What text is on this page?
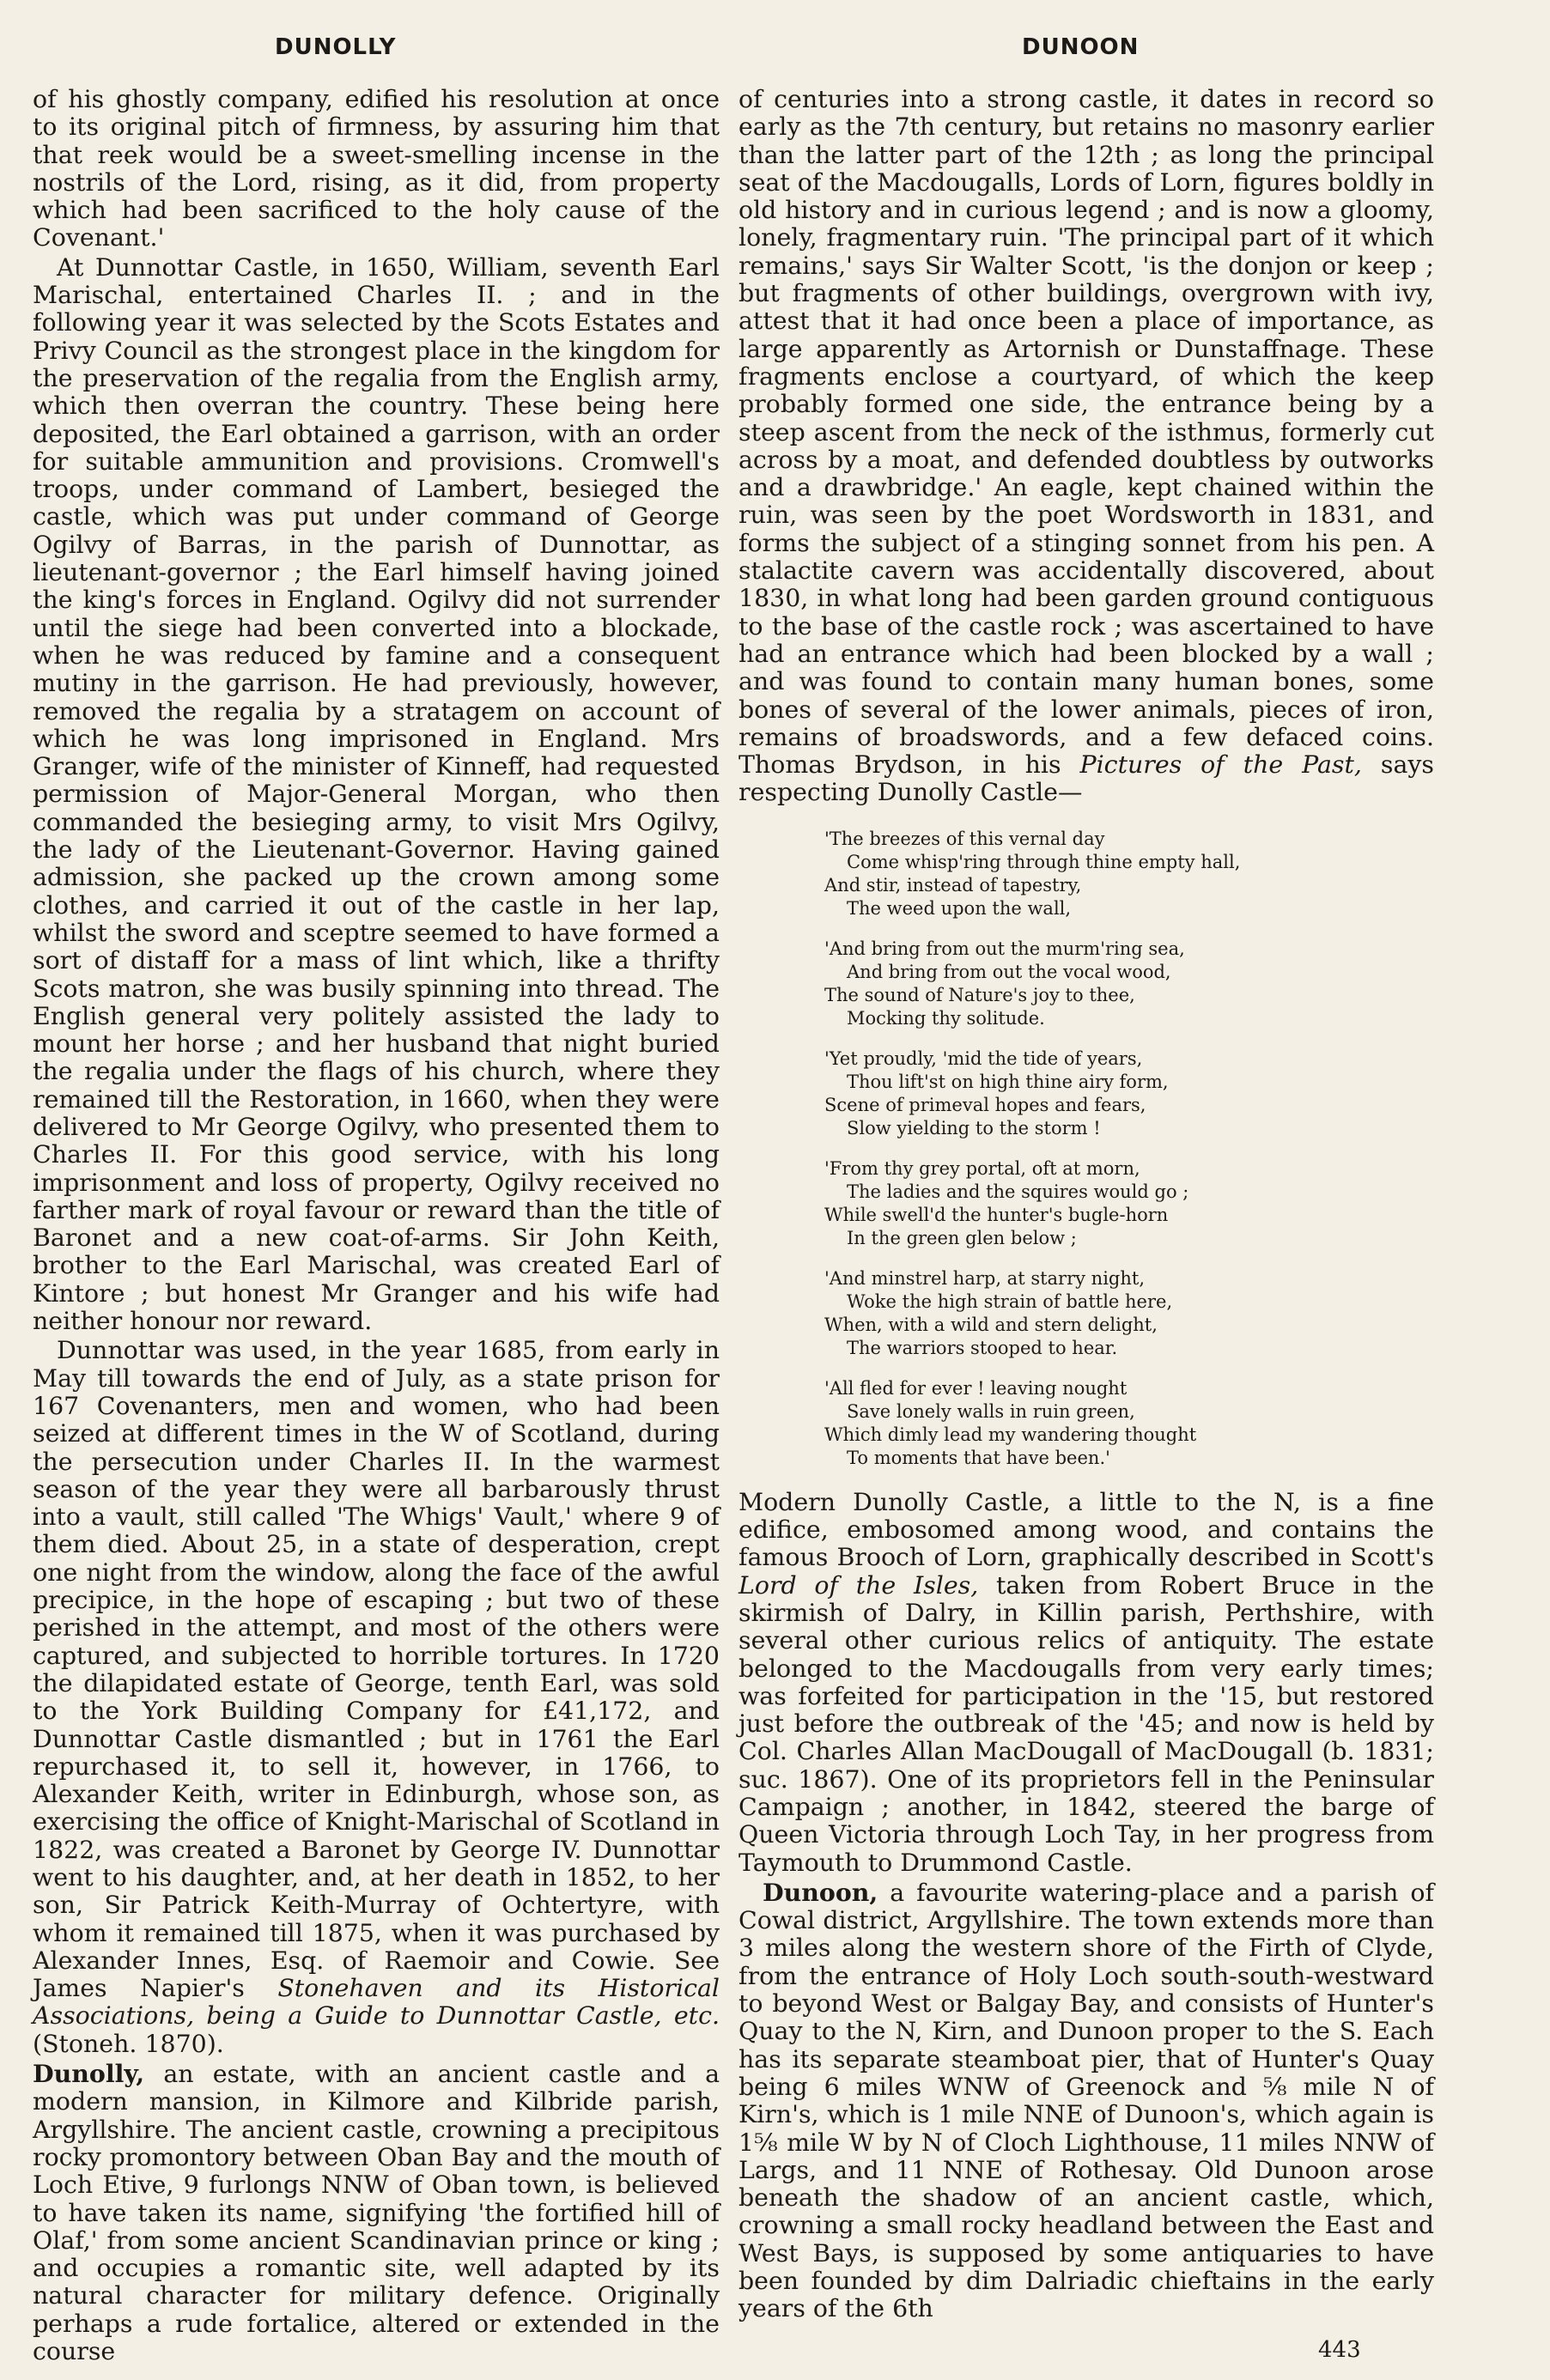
DUNOLLY	DUNOON

of his ghostly company, edified his resolution at once to its original pitch of firmness, by assuring him that that reek would be a sweet-smelling incense in the nostrils of the Lord, rising, as it did, from property which had been sacrificed to the holy cause of the Covenant.'

At Dunnottar Castle, in 1650, William, seventh Earl Marischal, entertained Charles II. ; and in the following year it was selected by the Scots Estates and Privy Council as the strongest place in the kingdom for the preservation of the regalia from the English army, which then overran the country. These being here deposited, the Earl obtained a garrison, with an order for suitable ammunition and provisions. Cromwell's troops, under command of Lambert, besieged the castle, which was put under command of George Ogilvy of Barras, in the parish of Dunnottar, as lieutenant-governor ; the Earl himself having joined the king's forces in England. Ogilvy did not surrender until the siege had been converted into a blockade, when he was reduced by famine and a consequent mutiny in the garrison. He had previously, however, removed the regalia by a stratagem on account of which he was long imprisoned in England. Mrs Granger, wife of the minister of Kinneff, had requested permission of Major-General Morgan, who then commanded the besieging army, to visit Mrs Ogilvy, the lady of the Lieutenant-Governor. Having gained admission, she packed up the crown among some clothes, and carried it out of the castle in her lap, whilst the sword and sceptre seemed to have formed a sort of distaff for a mass of lint which, like a thrifty Scots matron, she was busily spinning into thread. The English general very politely assisted the lady to mount her horse ; and her husband that night buried the regalia under the flags of his church, where they remained till the Restoration, in 1660, when they were delivered to Mr George Ogilvy, who presented them to Charles II. For this good service, with his long imprisonment and loss of property, Ogilvy received no farther mark of royal favour or reward than the title of Baronet and a new coat-of-arms. Sir John Keith, brother to the Earl Marischal, was created Earl of Kintore ; but honest Mr Granger and his wife had neither honour nor reward.

Dunnottar was used, in the year 1685, from early in May till towards the end of July, as a state prison for 167 Covenanters, men and women, who had been seized at different times in the W of Scotland, during the persecution under Charles II. In the warmest season of the year they were all barbarously thrust into a vault, still called 'The Whigs' Vault,' where 9 of them died. About 25, in a state of desperation, crept one night from the window, along the face of the awful precipice, in the hope of escaping ; but two of these perished in the attempt, and most of the others were captured, and subjected to horrible tortures. In 1720 the dilapidated estate of George, tenth Earl, was sold to the York Building Company for £41,172, and Dunnottar Castle dismantled ; but in 1761 the Earl repurchased it, to sell it, however, in 1766, to Alexander Keith, writer in Edinburgh, whose son, as exercising the office of Knight-Marischal of Scotland in 1822, was created a Baronet by George IV. Dunnottar went to his daughter, and, at her death in 1852, to her son, Sir Patrick Keith-Murray of Ochtertyre, with whom it remained till 1875, when it was purchased by Alexander Innes, Esq. of Raemoir and Cowie. See James Napier's Stonehaven and its Historical Associations, being a Guide to Dunnottar Castle, etc. (Stoneh. 1870).

Dunolly, an estate, with an ancient castle and a modern mansion, in Kilmore and Kilbride parish, Argyllshire. The ancient castle, crowning a precipitous rocky promontory between Oban Bay and the mouth of Loch Etive, 9 furlongs NNW of Oban town, is believed to have taken its name, signifying 'the fortified hill of Olaf,' from some ancient Scandinavian prince or king ; and occupies a romantic site, well adapted by its natural character for military defence. Originally perhaps a rude fortalice, altered or extended in the course

of centuries into a strong castle, it dates in record so early as the 7th century, but retains no masonry earlier than the latter part of the 12th ; as long the principal seat of the Macdougalls, Lords of Lorn, figures boldly in old history and in curious legend ; and is now a gloomy, lonely, fragmentary ruin. 'The principal part of it which remains,' says Sir Walter Scott, 'is the donjon or keep ; but fragments of other buildings, overgrown with ivy, attest that it had once been a place of importance, as large apparently as Artornish or Dunstaffnage. These fragments enclose a courtyard, of which the keep probably formed one side, the entrance being by a steep ascent from the neck of the isthmus, formerly cut across by a moat, and defended doubtless by outworks and a drawbridge.' An eagle, kept chained within the ruin, was seen by the poet Wordsworth in 1831, and forms the subject of a stinging sonnet from his pen. A stalactite cavern was accidentally discovered, about 1830, in what long had been garden ground contiguous to the base of the castle rock ; was ascertained to have had an entrance which had been blocked by a wall ; and was found to contain many human bones, some bones of several of the lower animals, pieces of iron, remains of broadswords, and a few defaced coins. Thomas Brydson, in his Pictures of the Past, says respecting Dunolly Castle—

'The breezes of this vernal day
Come whisp'ring through thine empty hall,
And stir, instead of tapestry,
The weed upon the wall,
'And bring from out the murm'ring sea,
And bring from out the vocal wood,
The sound of Nature's joy to thee,
Mocking thy solitude.
'Yet proudly, 'mid the tide of years,
Thou lift'st on high thine airy form,
Scene of primeval hopes and fears,
Slow yielding to the storm !
'From thy grey portal, oft at morn,
The ladies and the squires would go ;
While swell'd the hunter's bugle-horn
In the green glen below ;
'And minstrel harp, at starry night,
Woke the high strain of battle here,
When, with a wild and stern delight,
The warriors stooped to hear.
'All fled for ever ! leaving nought
Save lonely walls in ruin green,
Which dimly lead my wandering thought
To moments that have been.'

Modern Dunolly Castle, a little to the N, is a fine edifice, embosomed among wood, and contains the famous Brooch of Lorn, graphically described in Scott's Lord of the Isles, taken from Robert Bruce in the skirmish of Dalry, in Killin parish, Perthshire, with several other curious relics of antiquity. The estate belonged to the Macdougalls from very early times; was forfeited for participation in the '15, but restored just before the outbreak of the '45; and now is held by Col. Charles Allan MacDougall of MacDougall (b. 1831; suc. 1867). One of its proprietors fell in the Peninsular Campaign ; another, in 1842, steered the barge of Queen Victoria through Loch Tay, in her progress from Taymouth to Drummond Castle.

Dunoon, a favourite watering-place and a parish of Cowal district, Argyllshire. The town extends more than 3 miles along the western shore of the Firth of Clyde, from the entrance of Holy Loch south-south-westward to beyond West or Balgay Bay, and consists of Hunter's Quay to the N, Kirn, and Dunoon proper to the S. Each has its separate steamboat pier, that of Hunter's Quay being 6 miles WNW of Greenock and ⅝ mile N of Kirn's, which is 1 mile NNE of Dunoon's, which again is 1⅝ mile W by N of Cloch Lighthouse, 11 miles NNW of Largs, and 11 NNE of Rothesay. Old Dunoon arose beneath the shadow of an ancient castle, which, crowning a small rocky headland between the East and West Bays, is supposed by some antiquaries to have been founded by dim Dalriadic chieftains in the early years of the 6th

443
